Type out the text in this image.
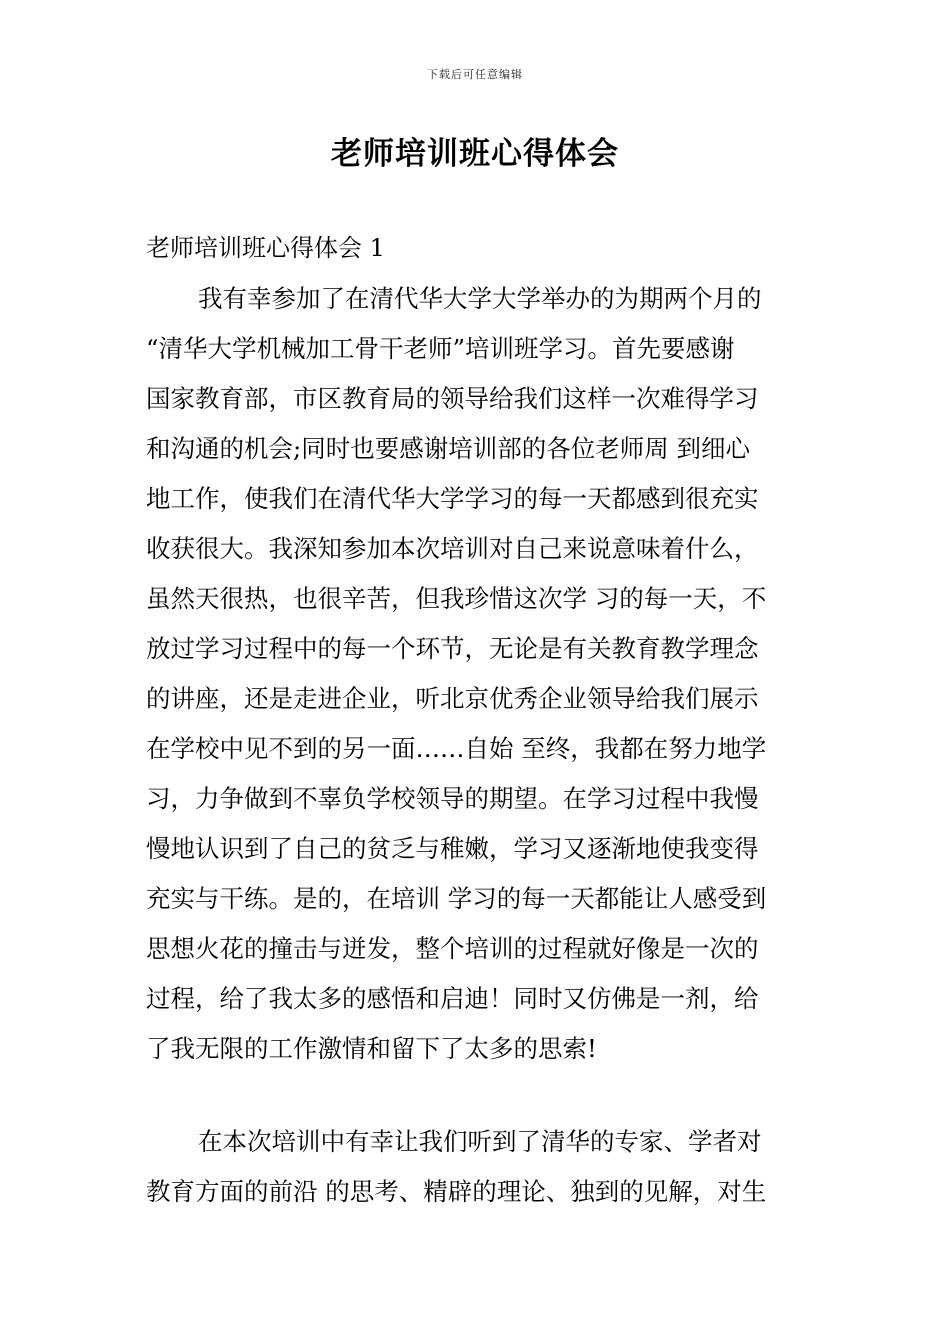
下载后可任意编辑
老师培训班心得体会
老师培训班心得体会 1
我有幸参加了在清代华大学大学举办的为期两个月的
“清华大学机械加工骨干老师”培训班学习。首先要感谢
国家教育部，市区教育局的领导给我们这样一次难得学习
和沟通的机会;同时也要感谢培训部的各位老师周 到细心
地工作，使我们在清代华大学学习的每一天都感到很充实
收获很大。我深知参加本次培训对自己来说意味着什么，
虽然天很热，也很辛苦，但我珍惜这次学 习的每一天，不
放过学习过程中的每一个环节，无论是有关教育教学理念
的讲座，还是走进企业，听北京优秀企业领导给我们展示
在学校中见不到的另一面……自始 至终，我都在努力地学
习，力争做到不辜负学校领导的期望。在学习过程中我慢
慢地认识到了自己的贫乏与稚嫩，学习又逐渐地使我变得
充实与干练。是的，在培训 学习的每一天都能让人感受到
思想火花的撞击与迸发，整个培训的过程就好像是一次的
过程，给了我太多的感悟和启迪！同时又仿佛是一剂，给
了我无限的工作激情和留下了太多的思索!
在本次培训中有幸让我们听到了清华的专家、学者对
教育方面的前沿 的思考、精辟的理论、独到的见解，对生
